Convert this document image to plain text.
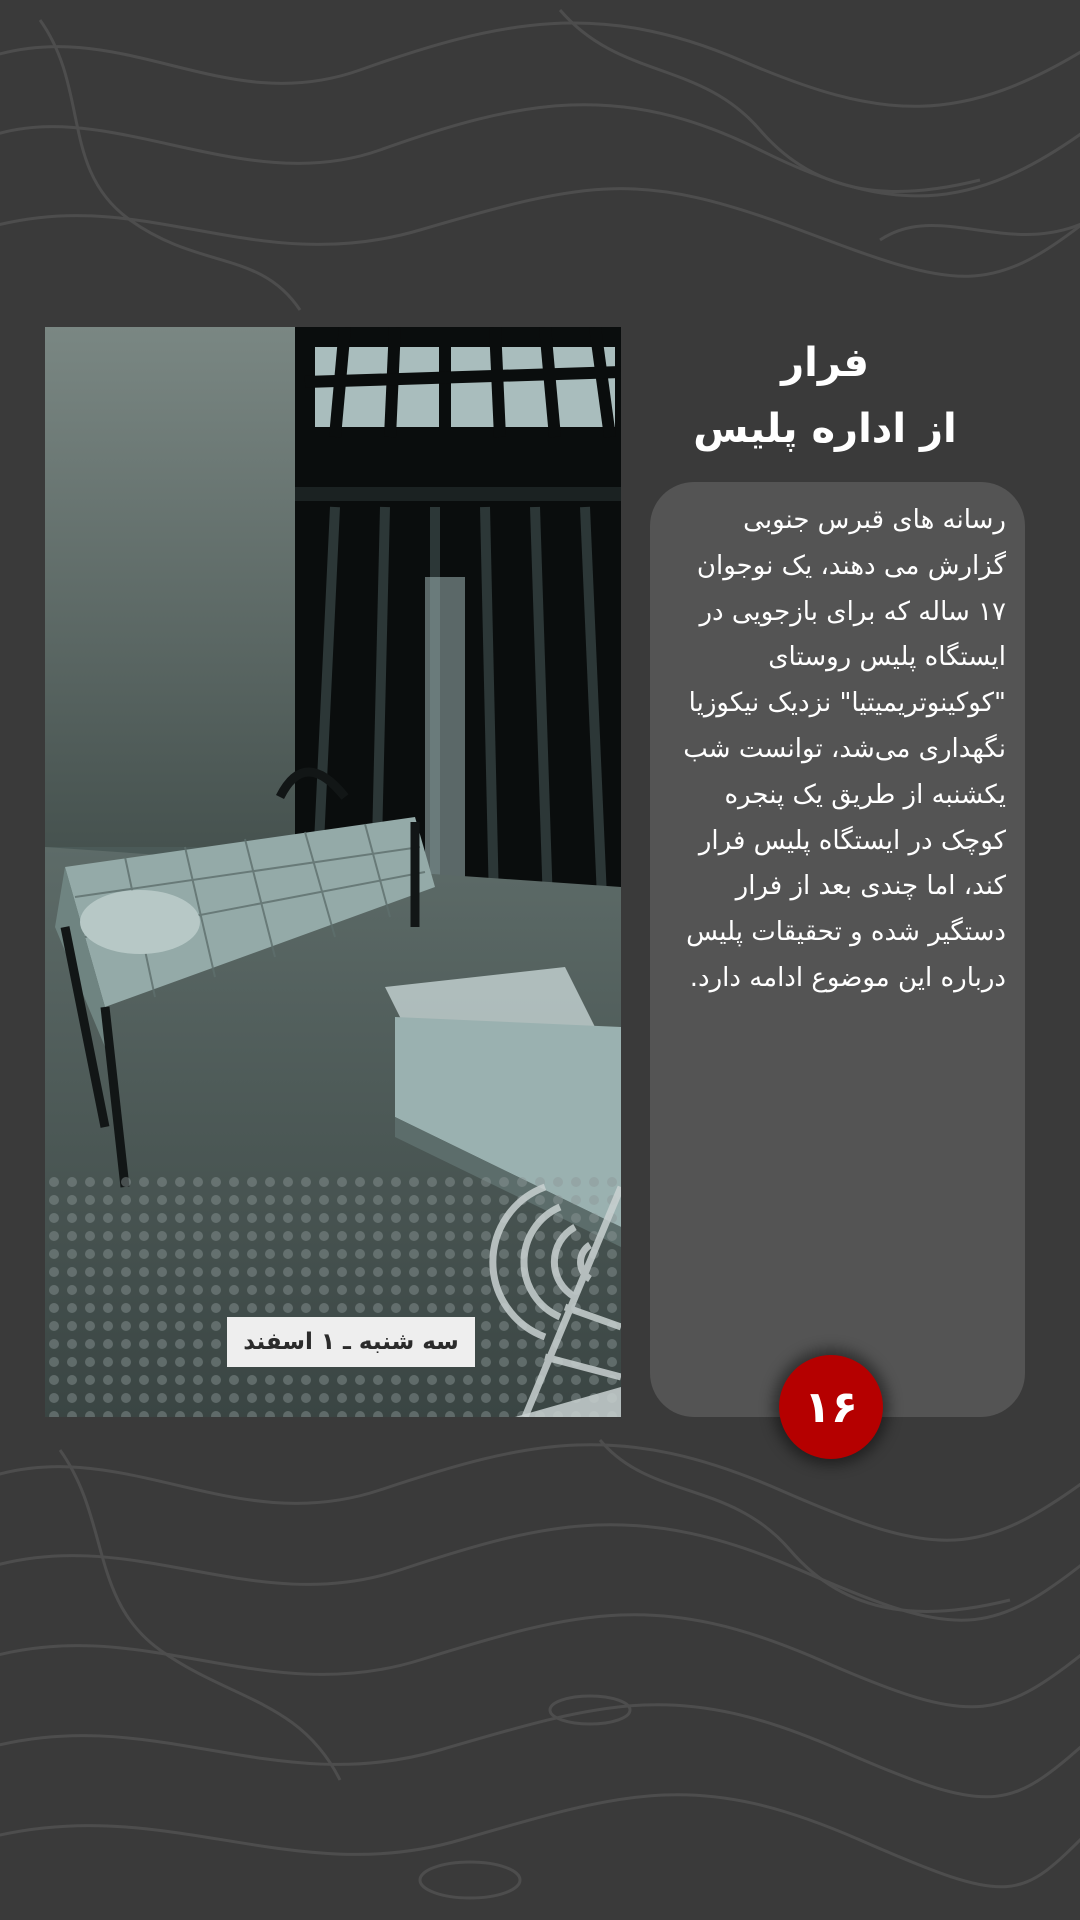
سه شنبه ـ ۱ اسفند
فرار
از اداره پلیس
رسانه های قبرس جنوبی گزارش می دهند، یک نوجوان ۱۷ ساله که برای بازجویی در ایستگاه پلیس روستای "کوکینوتریمیتیا" نزدیک نیکوزیا نگهداری می‌شد، توانست شب یکشنبه از طریق یک پنجره کوچک در ایستگاه پلیس فرار کند، اما چندی بعد از فرار دستگیر شده و تحقیقات پلیس درباره این موضوع ادامه دارد.
۱۶
